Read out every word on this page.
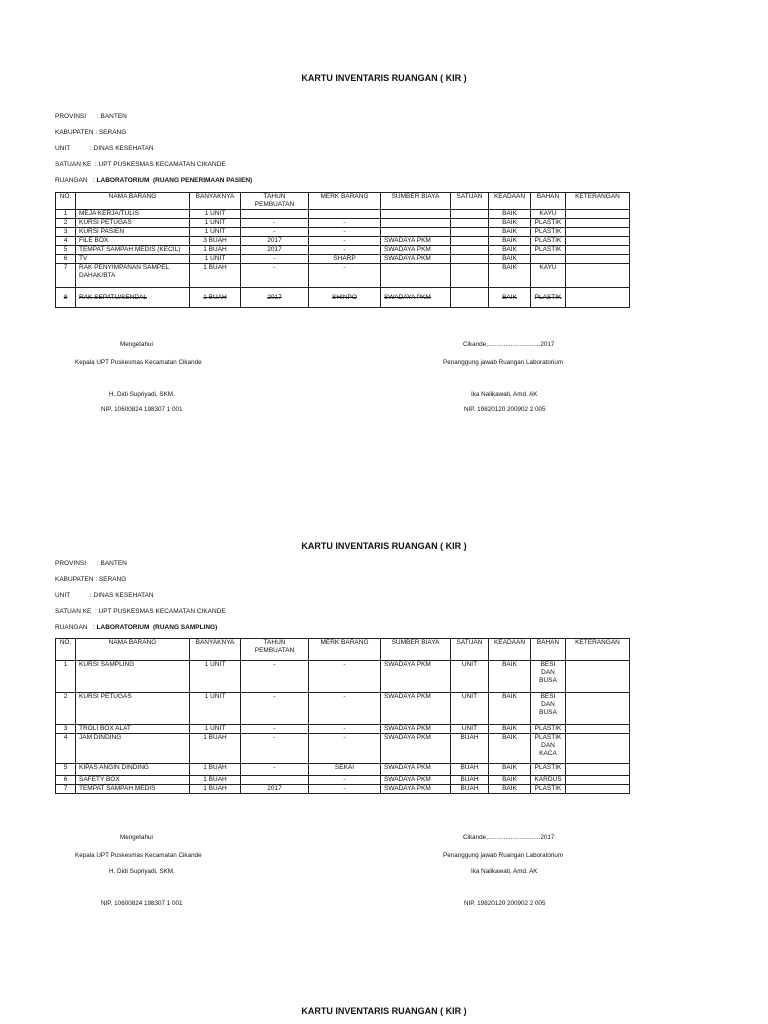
KARTU INVENTARIS RUANGAN ( KIR )
PROVINSI      : BANTEN
KABUPATEN : SERANG
UNIT           : DINAS KESEHATAN
SATUAN KE  : UPT PUSKESMAS KECAMATAN CIKANDE
RUANGAN   : LABORATORIUM  (RUANG PENERIMAAN PASIEN)
NO.	NAMA BARANG	BANYAKNYA	TAHUN PEMBUATAN	MERK BARANG	SUMBER BIAYA	SATUAN	KEADAAN	BAHAN	KETERANGAN
1	MEJA KERJA/TULIS	1 UNIT					BAIK	KAYU	
2	KURSI PETUGAS	1 UNIT	-	-			BAIK	PLASTIK	
3	KURSI PASIEN	1 UNIT	-	-			BAIK	PLASTIK	
4	FILE BOX	3 BUAH	2017	-	SWADAYA PKM		BAIK	PLASTIK	
5	TEMPAT SAMPAH MEDIS (KECIL)	1 BUAH	2017	-	SWADAYA PKM		BAIK	PLASTIK	
6	TV	1 UNIT	-	SHARP	SWADAYA PKM		BAIK		
7	RAK PENYIMPANAN SAMPEL DAHAK/BTA	1 BUAH	-	-			BAIK	KAYU	
8	RAK SEPATU/SENDAL	1 BUAH	2017	SHINPO	SWADAYA PKM		BAIK	PLASTIK	
Mengetahui	Cikande,..............................2017
Kepala UPT Puskesmas Kecamatan Cikande	Penanggung jawab Ruangan Laboratorium
H. Didi Supriyadi, SKM.	Ika Nalikawati, Amd. AK
NIP. 10600824 198307 1 001	NIP. 19820120 200902 2 005
KARTU INVENTARIS RUANGAN ( KIR )
PROVINSI      : BANTEN
KABUPATEN : SERANG
UNIT           : DINAS KESEHATAN
SATUAN KE  : UPT PUSKESMAS KECAMATAN CIKANDE
RUANGAN   : LABORATORIUM  (RUANG SAMPLING)
NO.	NAMA BARANG	BANYAKNYA	TAHUN PEMBUATAN	MERK BARANG	SUMBER BIAYA	SATUAN	KEADAAN	BAHAN	KETERANGAN
1	KURSI SAMPLING	1 UNIT	-	-	SWADAYA PKM	UNIT	BAIK	BESI DAN BUSA	
2	KURSI PETUGAS	1 UNIT	-	-	SWADAYA PKM	UNIT	BAIK	BESI DAN BUSA	
3	TROLI BOX ALAT	1 UNIT	-	-	SWADAYA PKM	UNIT	BAIK	PLASTIK	
4	JAM DINDING	1 BUAH	-	-	SWADAYA PKM	BUAH	BAIK	PLASTIK DAN KACA	
5	KIPAS ANGIN DINDING	1 BUAH	-	SEKAI	SWADAYA PKM	BUAH	BAIK	PLASTIK	
6	SAFETY BOX	1 BUAH		-	SWADAYA PKM	BUAH	BAIK	KARDUS	
7	TEMPAT SAMPAH MEDIS	1 BUAH	2017	-	SWADAYA PKM	BUAH	BAIK	PLASTIK	
Mengetahui	Cikande,..............................2017
Kepala UPT Puskesmas Kecamatan Cikande	Penanggung jawab Ruangan Laboratorium
H. Didi Supriyadi, SKM.	Ika Nalikawati, Amd. AK
NIP. 10600824 198307 1 001	NIP. 19820120 200902 2 005
KARTU INVENTARIS RUANGAN ( KIR )
